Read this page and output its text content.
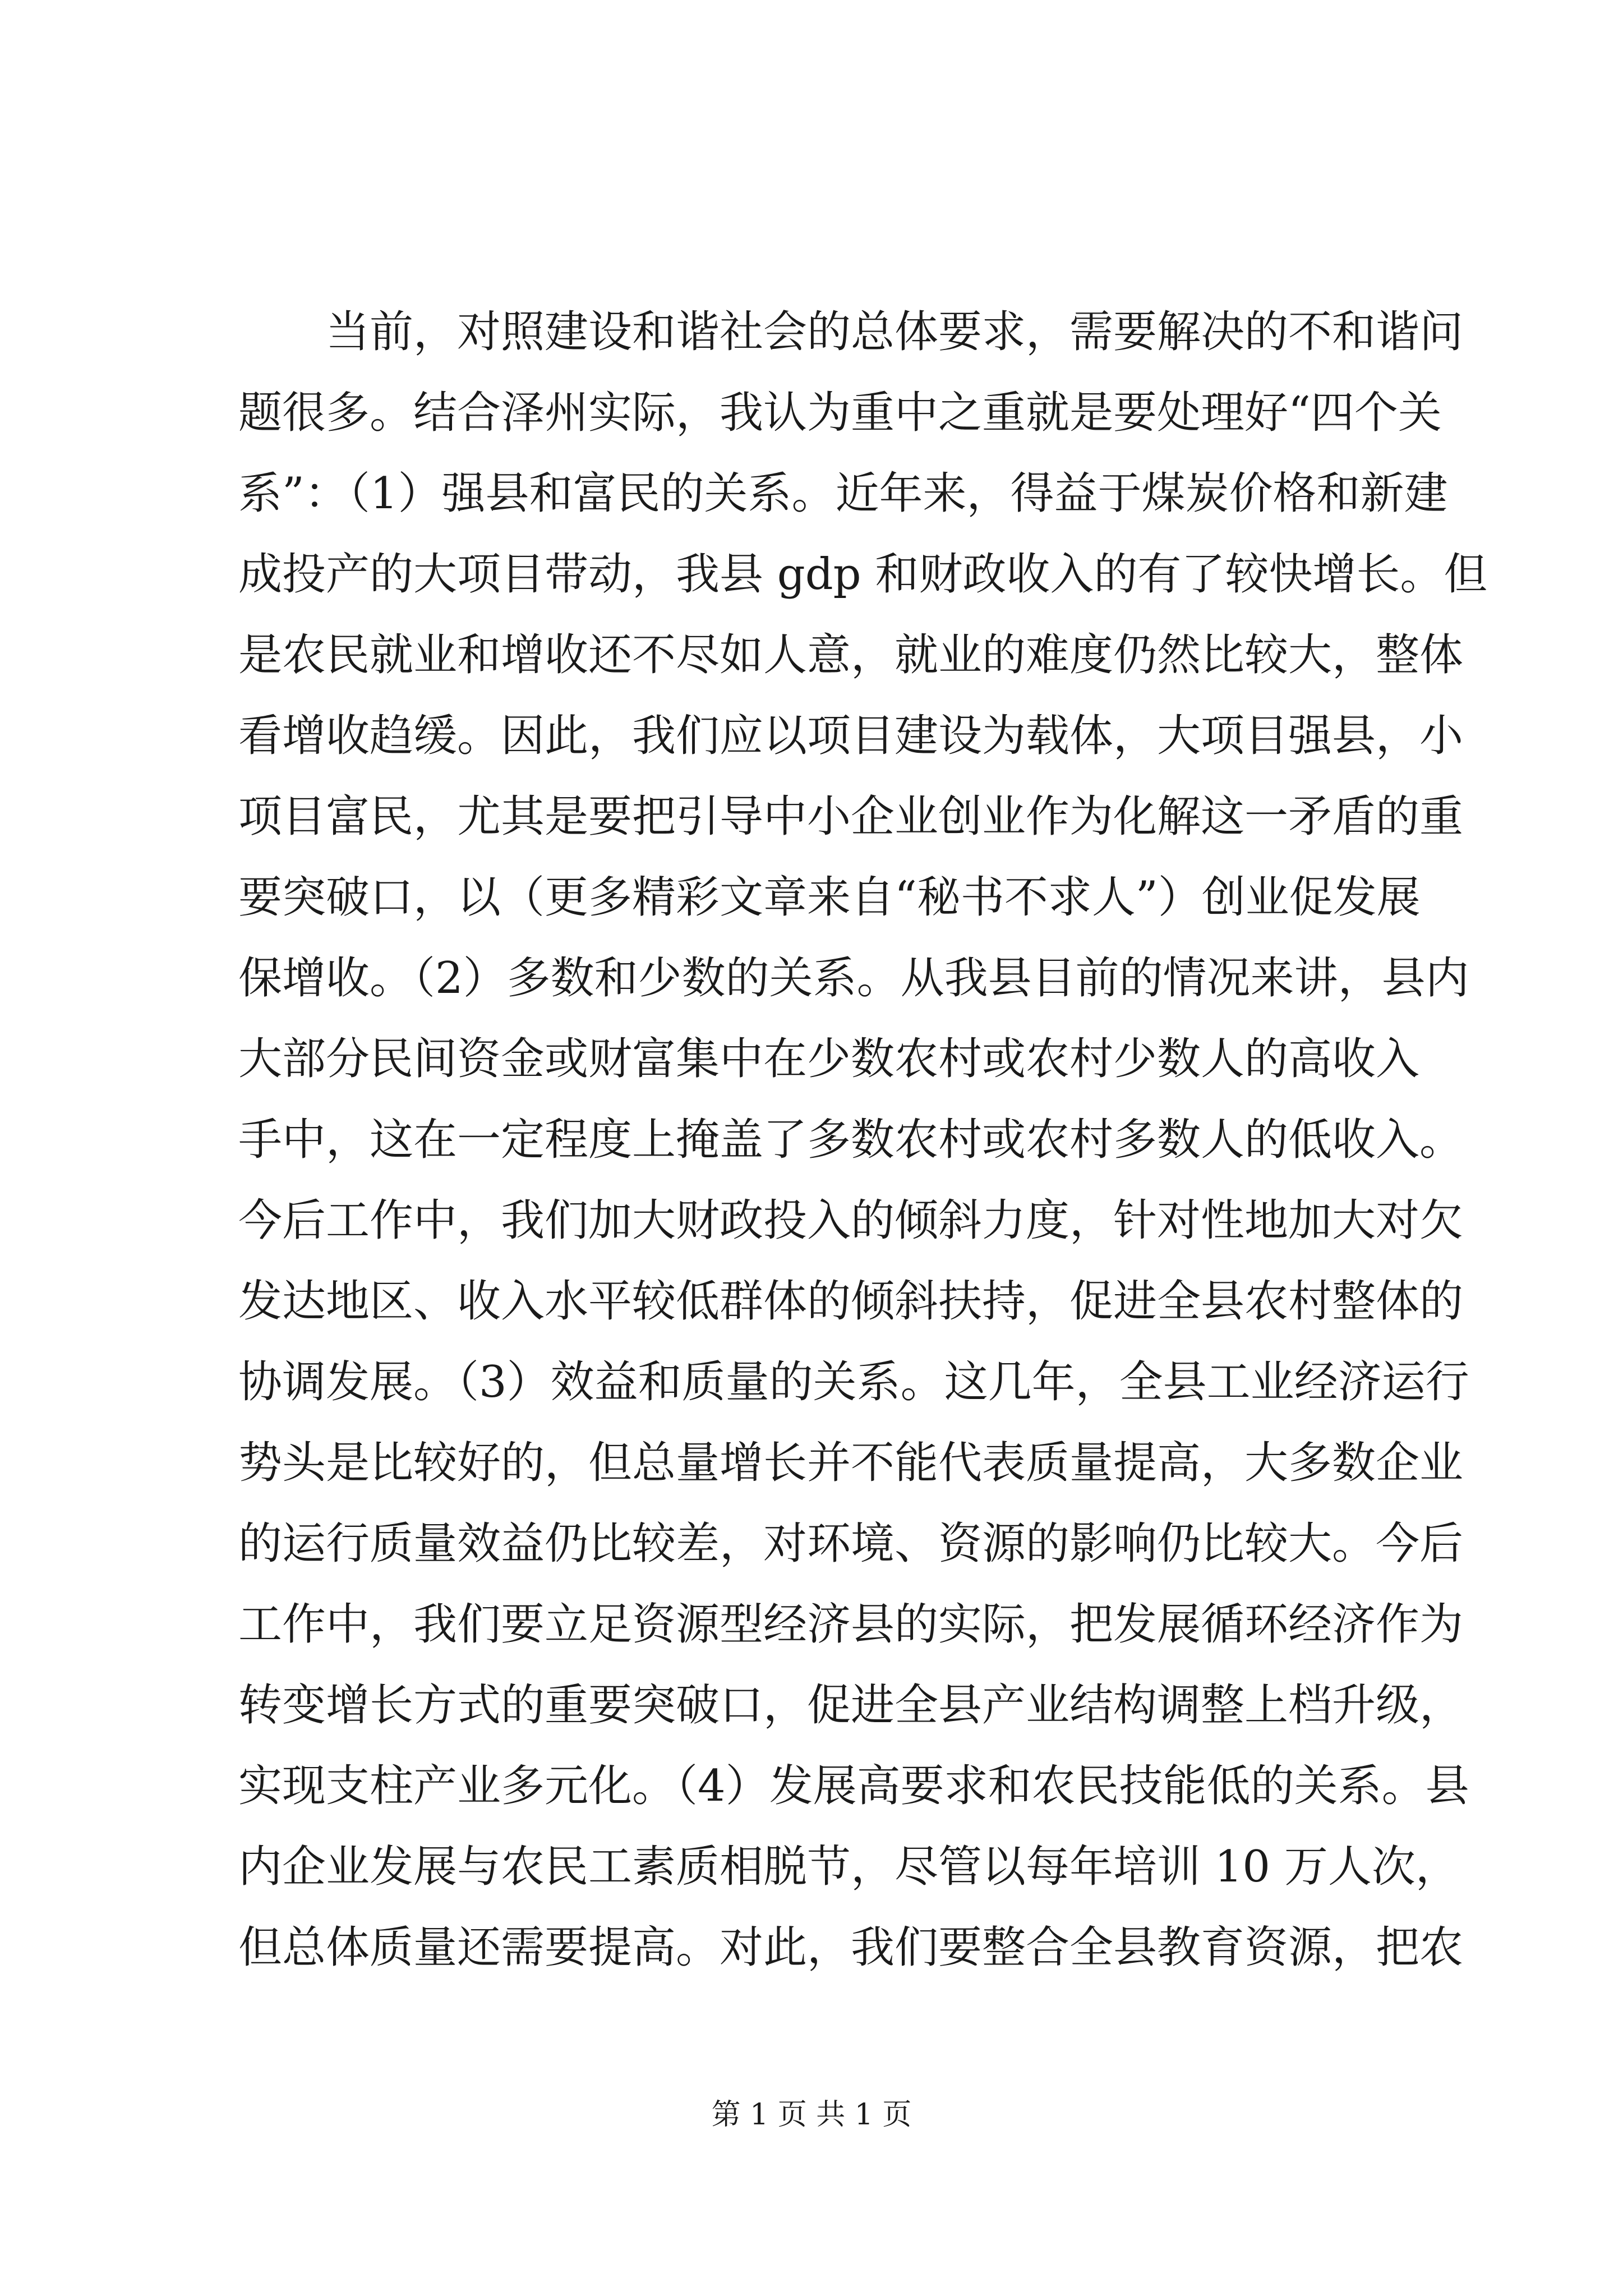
当前，对照建设和谐社会的总体要求，需要解决的不和谐问
题很多。结合泽州实际，我认为重中之重就是要处理好“四个关
系”：（1）强县和富民的关系。近年来，得益于煤炭价格和新建
成投产的大项目带动，我县 gdp 和财政收入的有了较快增长。但
是农民就业和增收还不尽如人意，就业的难度仍然比较大，整体
看增收趋缓。因此，我们应以项目建设为载体，大项目强县，小
项目富民，尤其是要把引导中小企业创业作为化解这一矛盾的重
要突破口，以（更多精彩文章来自“秘书不求人”）创业促发展
保增收。（2）多数和少数的关系。从我县目前的情况来讲，县内
大部分民间资金或财富集中在少数农村或农村少数人的高收入
手中，这在一定程度上掩盖了多数农村或农村多数人的低收入。
今后工作中，我们加大财政投入的倾斜力度，针对性地加大对欠
发达地区、收入水平较低群体的倾斜扶持，促进全县农村整体的
协调发展。（3）效益和质量的关系。这几年，全县工业经济运行
势头是比较好的，但总量增长并不能代表质量提高，大多数企业
的运行质量效益仍比较差，对环境、资源的影响仍比较大。今后
工作中，我们要立足资源型经济县的实际，把发展循环经济作为
转变增长方式的重要突破口，促进全县产业结构调整上档升级，
实现支柱产业多元化。（4）发展高要求和农民技能低的关系。县
内企业发展与农民工素质相脱节，尽管以每年培训 10 万人次，
但总体质量还需要提高。对此，我们要整合全县教育资源，把农
第 1 页 共 1 页
